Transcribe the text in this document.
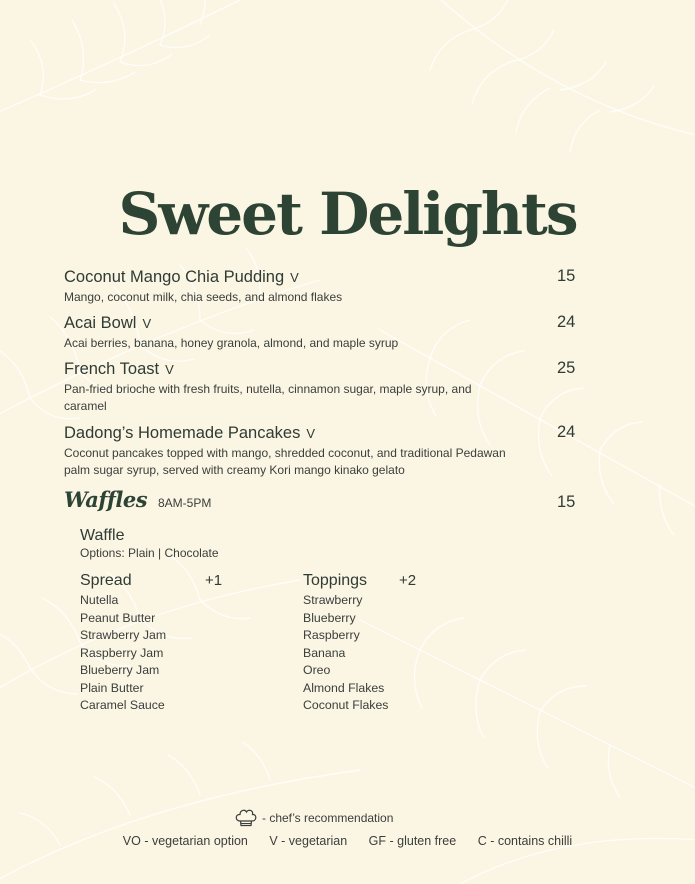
Sweet Delights
Coconut Mango Chia Pudding V
Mango, coconut milk, chia seeds, and almond flakes
15
Acai Bowl V
Acai berries, banana, honey granola, almond, and maple syrup
24
French Toast V
Pan-fried brioche with fresh fruits, nutella, cinnamon sugar, maple syrup, and caramel
25
Dadong’s Homemade Pancakes V
Coconut pancakes topped with mango, shredded coconut, and traditional Pedawan palm sugar syrup, served with creamy Kori mango kinako gelato
24
Waffles 8AM-5PM	15
Waffle
Options: Plain | Chocolate
Spread	+1
Nutella
Peanut Butter
Strawberry Jam
Raspberry Jam
Blueberry Jam
Plain Butter
Caramel Sauce
Toppings	+2
Strawberry
Blueberry
Raspberry
Banana
Oreo
Almond Flakes
Coconut Flakes
- chef’s recommendation
VO - vegetarian option V - vegetarian GF - gluten free C - contains chilli
